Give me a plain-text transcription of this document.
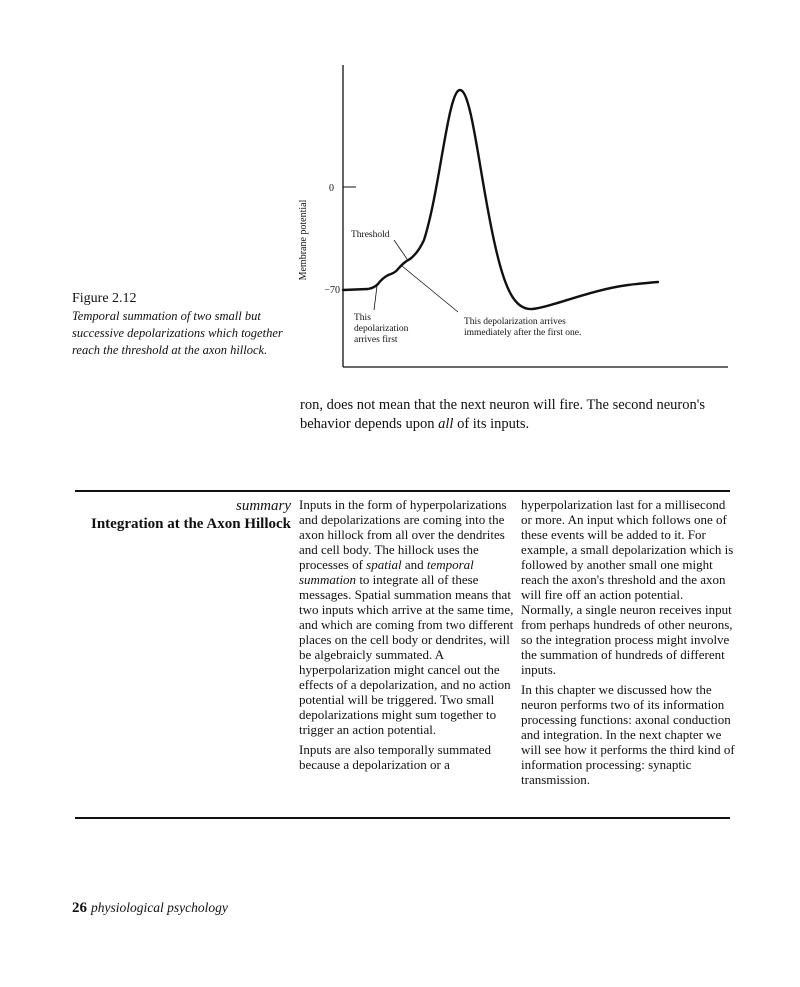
0
−70
Membrane potential	Threshold
This
depolarization
arrives first
This depolarization arrives
immediately after the first one.
Figure 2.12
Temporal summation of two small but successive depolarizations which together reach the threshold at the axon hillock.
ron, does not mean that the next neuron will fire. The second neuron's behavior depends upon all of its inputs.
summary
Integration at the Axon Hillock

Inputs in the form of hyperpolarizations and depolarizations are coming into the axon hillock from all over the dendrites and cell body. The hillock uses the processes of spatial and temporal summation to integrate all of these messages. Spatial summation means that two inputs which arrive at the same time, and which are coming from two different places on the cell body or dendrites, will be algebraicly summated. A hyperpolarization might cancel out the effects of a depolarization, and no action potential will be triggered. Two small depolarizations might sum together to trigger an action potential.

Inputs are also temporally summated because a depolarization or a

hyperpolarization last for a millisecond or more. An input which follows one of these events will be added to it. For example, a small depolarization which is followed by another small one might reach the axon's threshold and the axon will fire off an action potential. Normally, a single neuron receives input from perhaps hundreds of other neurons, so the integration process might involve the summation of hundreds of different inputs.

In this chapter we discussed how the neuron performs two of its information processing functions: axonal conduction and integration. In the next chapter we will see how it performs the third kind of information processing: synaptic transmission.

26 physiological psychology
